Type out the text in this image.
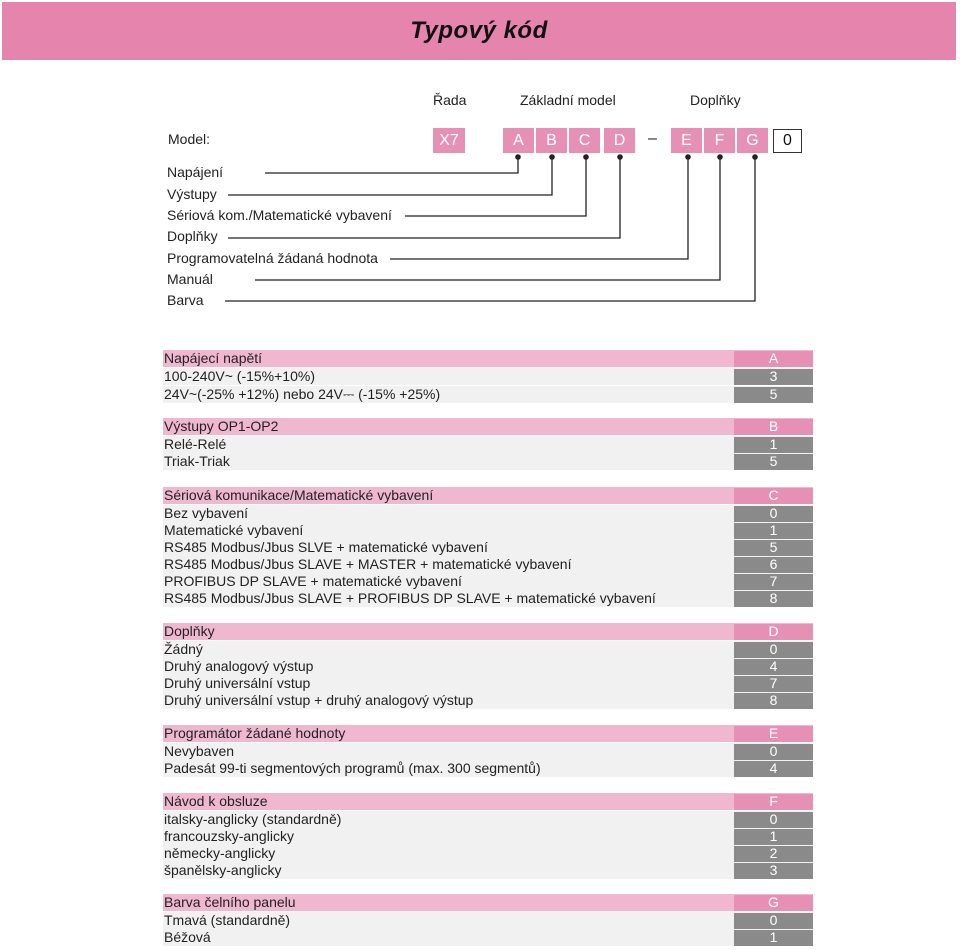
Typový kód
Řada	Základní model	Doplňky
Model:	X7	A	B	C	D	–	E	F	G	0
Napájení
Výstupy
Sériová kom./Matematické vybavení
Doplňky
Programovatelná žádaná hodnota
Manuál
Barva
Napájecí napětí	A
100-240V~ (-15%+10%)	3
24V~(-25% +12%) nebo 24V⎓ (-15% +25%)	5
Výstupy OP1-OP2	B
Relé-Relé	1
Triak-Triak	5
Sériová komunikace/Matematické vybavení	C
Bez vybavení	0
Matematické vybavení	1
RS485 Modbus/Jbus SLVE + matematické vybavení	5
RS485 Modbus/Jbus SLAVE + MASTER + matematické vybavení	6
PROFIBUS DP SLAVE + matematické vybavení	7
RS485 Modbus/Jbus SLAVE + PROFIBUS DP SLAVE + matematické vybavení	8
Doplňky	D
Žádný	0
Druhý analogový výstup	4
Druhý universální vstup	7
Druhý universální vstup + druhý analogový výstup	8
Programátor žádané hodnoty	E
Nevybaven	0
Padesát 99-ti segmentových programů (max. 300 segmentů)	4
Návod k obsluze	F
italsky-anglicky (standardně)	0
francouzsky-anglicky	1
německy-anglicky	2
španělsky-anglicky	3
Barva čelního panelu	G
Tmavá (standardně)	0
Béžová	1
